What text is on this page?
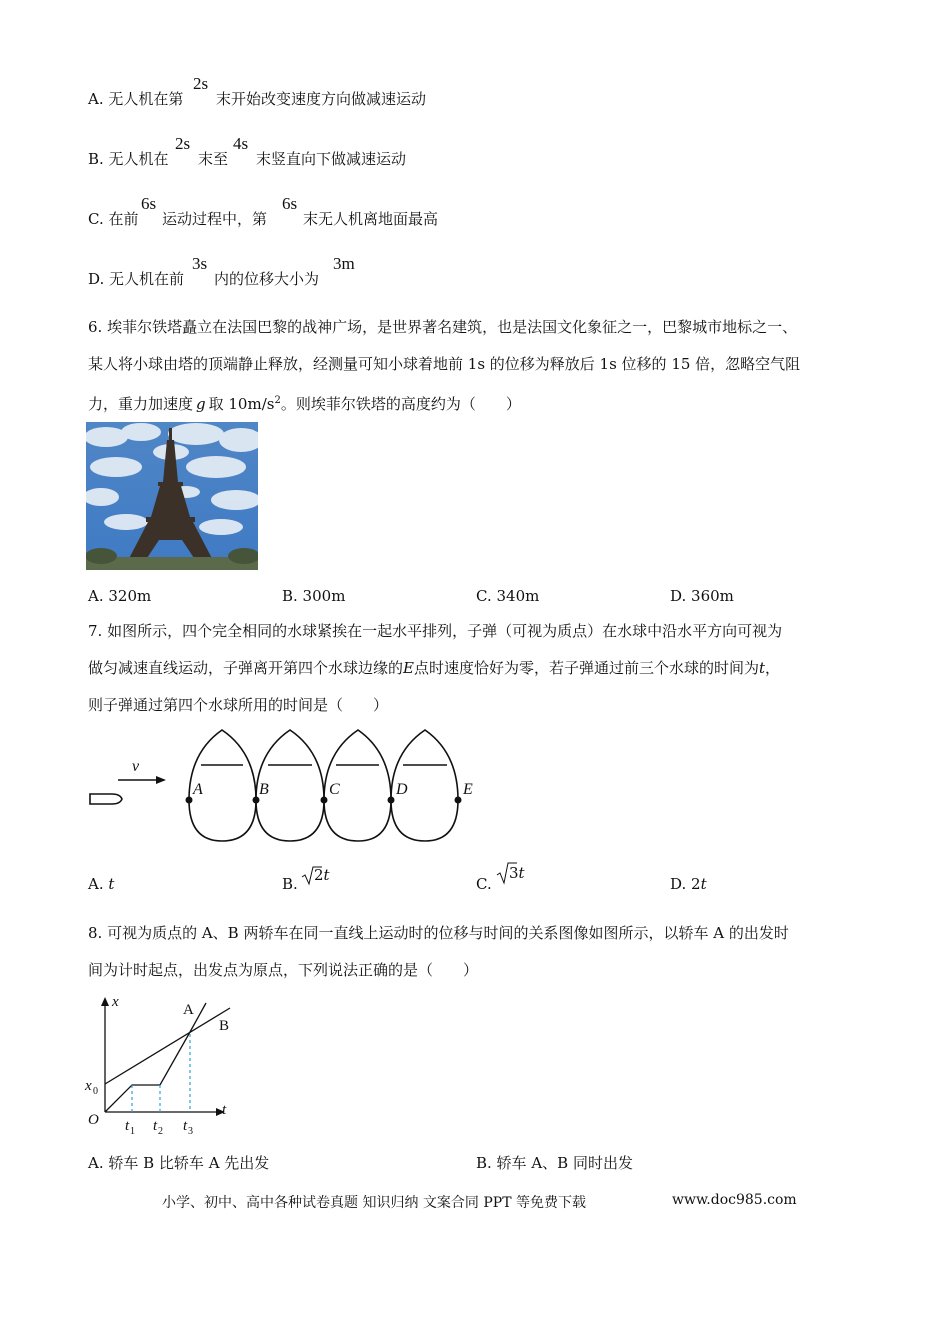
A. 无人机在第
2s
末开始改变速度方向做减速运动
B. 无人机在
2s
末至
4s
末竖直向下做减速运动
C. 在前
6s
运动过程中，第
6s
末无人机离地面最高
D. 无人机在前
3s
内的位移大小为
3m
6. 埃菲尔铁塔矗立在法国巴黎的战神广场，是世界著名建筑，也是法国文化象征之一，巴黎城市地标之一、
某人将小球由塔的顶端静止释放，经测量可知小球着地前 1s 的位移为释放后 1s 位移的 15 倍，忽略空气阻
力，重力加速度 g 取 $10m/s^2$。则埃菲尔铁塔的高度约为（　　）
A. 320m	B. 300m	C. 340m	D. 360m
7. 如图所示，四个完全相同的水球紧挨在一起水平排列，子弹（可视为质点）在水球中沿水平方向可视为
做匀减速直线运动，子弹离开第四个水球边缘的E点时速度恰好为零，若子弹通过前三个水球的时间为t，
则子弹通过第四个水球所用的时间是（　　）
v
A	B	C	D	E
A. t	B. 2t	C.
3t
D. 2t
8. 可视为质点的 A、B 两轿车在同一直线上运动时的位移与时间的关系图像如图所示，以轿车 A 的出发时
间为计时起点，出发点为原点，下列说法正确的是（　　）
x
t
O
x 0
t 1 t 2 t 3
A
B
A. 轿车 B 比轿车 A 先出发	B. 轿车 A、B 同时出发
小学、初中、高中各种试卷真题 知识归纳 文案合同 PPT 等免费下载	www.doc985.com
